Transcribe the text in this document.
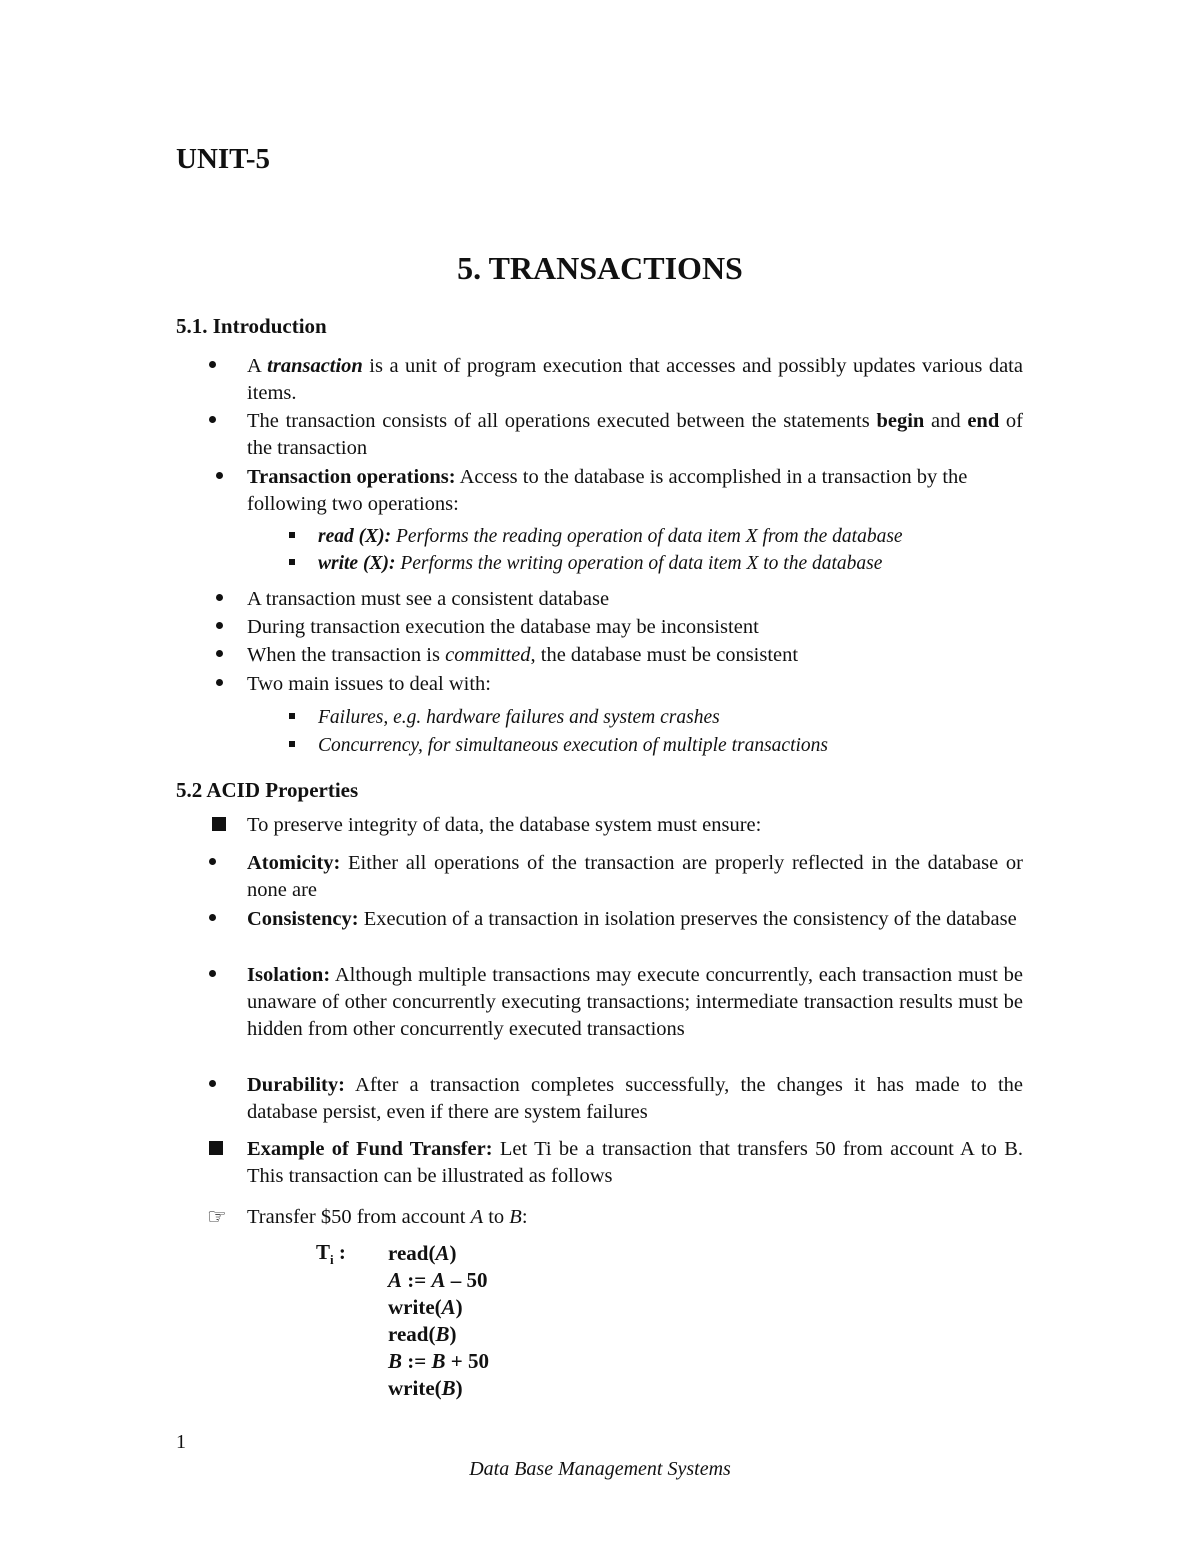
UNIT-5
5. TRANSACTIONS
5.1. Introduction
A transaction is a unit of program execution that accesses and possibly updates various data items.
The transaction consists of all operations executed between the statements begin and end of the transaction
Transaction operations: Access to the database is accomplished in a transaction by the following two operations:
read (X): Performs the reading operation of data item X from the database
write (X): Performs the writing operation of data item X to the database
A transaction must see a consistent database
During transaction execution the database may be inconsistent
When the transaction is committed, the database must be consistent
Two main issues to deal with:
Failures, e.g. hardware failures and system crashes
Concurrency, for simultaneous execution of multiple transactions
5.2 ACID Properties
To preserve integrity of data, the database system must ensure:
Atomicity: Either all operations of the transaction are properly reflected in the database or none are
Consistency: Execution of a transaction in isolation preserves the consistency of the database
Isolation: Although multiple transactions may execute concurrently, each transaction must be unaware of other concurrently executing transactions; intermediate transaction results must be hidden from other concurrently executed transactions
Durability: After a transaction completes successfully, the changes it has made to the database persist, even if there are system failures
Example of Fund Transfer: Let Ti be a transaction that transfers 50 from account A to B. This transaction can be illustrated as follows
☞ Transfer $50 from account A to B:
$T_i$ : read(A)
A := A – 50
write(A)
read(B)
B := B + 50
write(B)
1
Data Base Management Systems
